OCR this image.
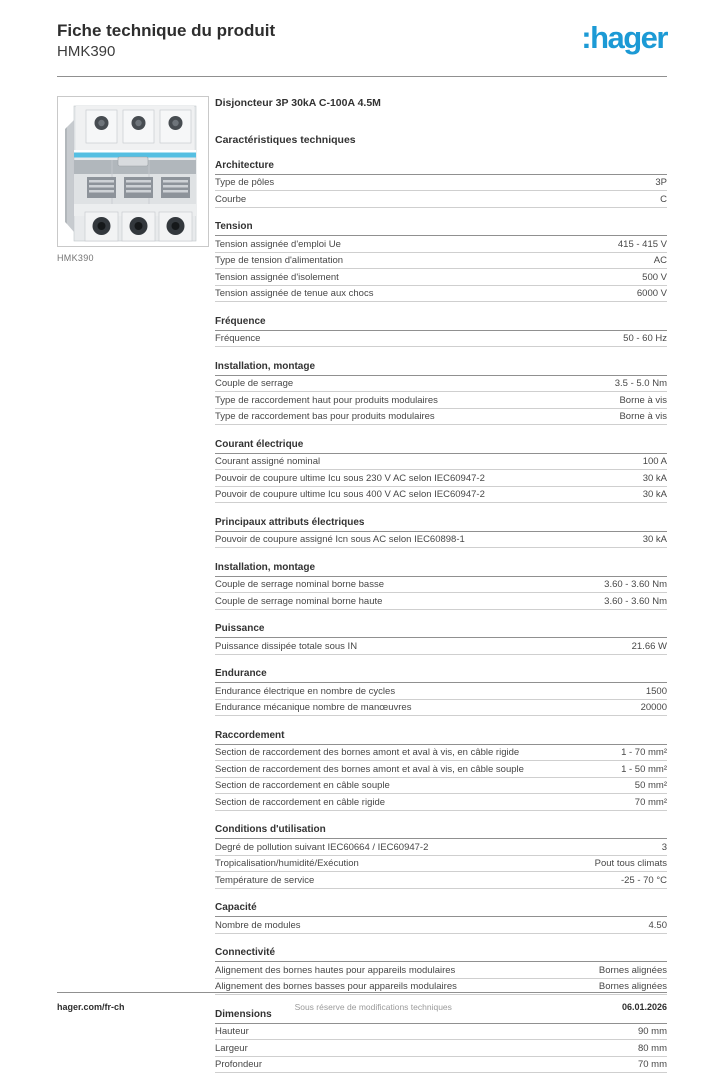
Fiche technique du produit
HMK390	:hager
HMK390
Disjoncteur 3P 30kA C-100A 4.5M
Caractéristiques techniques
Architecture
Type de pôles	3P
Courbe	C
Tension
Tension assignée d'emploi Ue	415 - 415 V
Type de tension d'alimentation	AC
Tension assignée d'isolement	500 V
Tension assignée de tenue aux chocs	6000 V
Fréquence
Fréquence	50 - 60 Hz
Installation, montage
Couple de serrage	3.5 - 5.0 Nm
Type de raccordement haut pour produits modulaires	Borne à vis
Type de raccordement bas pour produits modulaires	Borne à vis
Courant électrique
Courant assigné nominal	100 A
Pouvoir de coupure ultime Icu sous 230 V AC selon IEC60947-2	30 kA
Pouvoir de coupure ultime Icu sous 400 V AC selon IEC60947-2	30 kA
Principaux attributs électriques
Pouvoir de coupure assigné Icn sous AC selon IEC60898-1	30 kA
Installation, montage
Couple de serrage nominal borne basse	3.60 - 3.60 Nm
Couple de serrage nominal borne haute	3.60 - 3.60 Nm
Puissance
Puissance dissipée totale sous IN	21.66 W
Endurance
Endurance électrique en nombre de cycles	1500
Endurance mécanique nombre de manœuvres	20000
Raccordement
Section de raccordement des bornes amont et aval à vis, en câble rigide	1 - 70 mm²
Section de raccordement des bornes amont et aval à vis, en câble souple	1 - 50 mm²
Section de raccordement en câble souple	50 mm²
Section de raccordement en câble rigide	70 mm²
Conditions d'utilisation
Degré de pollution suivant IEC60664 / IEC60947-2	3
Tropicalisation/humidité/Exécution	Pout tous climats
Température de service	-25 - 70 °C
Capacité
Nombre de modules	4.50
Connectivité
Alignement des bornes hautes pour appareils modulaires	Bornes alignées
Alignement des bornes basses pour appareils modulaires	Bornes alignées
Dimensions
Hauteur	90 mm
Largeur	80 mm
Profondeur	70 mm
hager.com/fr-ch	Sous réserve de modifications techniques	06.01.2026
